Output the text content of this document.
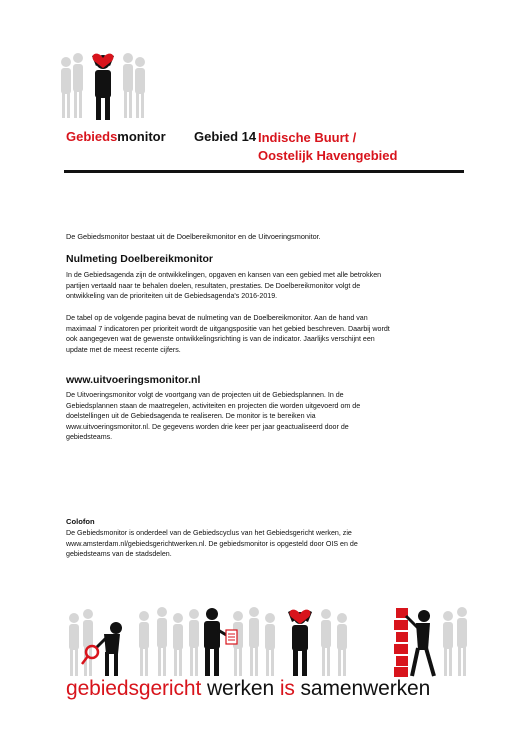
Gebiedsmonitor Gebied 14 Indische Buurt /
Oostelijk Havengebied
De Gebiedsmonitor bestaat uit de Doelbereikmonitor en de Uitvoeringsmonitor.
Nulmeting Doelbereikmonitor
In de Gebiedsagenda zijn de ontwikkelingen, opgaven en kansen van een gebied met alle betrokken
partijen vertaald naar te behalen doelen, resultaten, prestaties. De Doelbereikmonitor volgt de
ontwikkeling van de prioriteiten uit de Gebiedsagenda's 2016-2019.
De tabel op de volgende pagina bevat de nulmeting van de Doelbereikmonitor. Aan de hand van
maximaal 7 indicatoren per prioriteit wordt de uitgangspositie van het gebied beschreven. Daarbij wordt
ook aangegeven wat de gewenste ontwikkelingsrichting is van de indicator. Jaarlijks verschijnt een
update met de meest recente cijfers.
www.uitvoeringsmonitor.nl
De Uitvoeringsmonitor volgt de voortgang van de projecten uit de Gebiedsplannen. In de
Gebiedsplannen staan de maatregelen, activiteiten en projecten die worden uitgevoerd om de
doelstellingen uit de Gebiedsagenda te realiseren. De monitor is te bereiken via
www.uitvoeringsmonitor.nl. De gegevens worden drie keer per jaar geactualiseerd door de
gebiedsteams.
Colofon
De Gebiedsmonitor is onderdeel van de Gebiedscyclus van het Gebiedsgericht werken, zie
www.amsterdam.nl/gebiedsgerichtwerken.nl. De gebiedsmonitor is opgesteld door OIS en de
gebiedsteams van de stadsdelen.
gebiedsgericht werken is samenwerken
